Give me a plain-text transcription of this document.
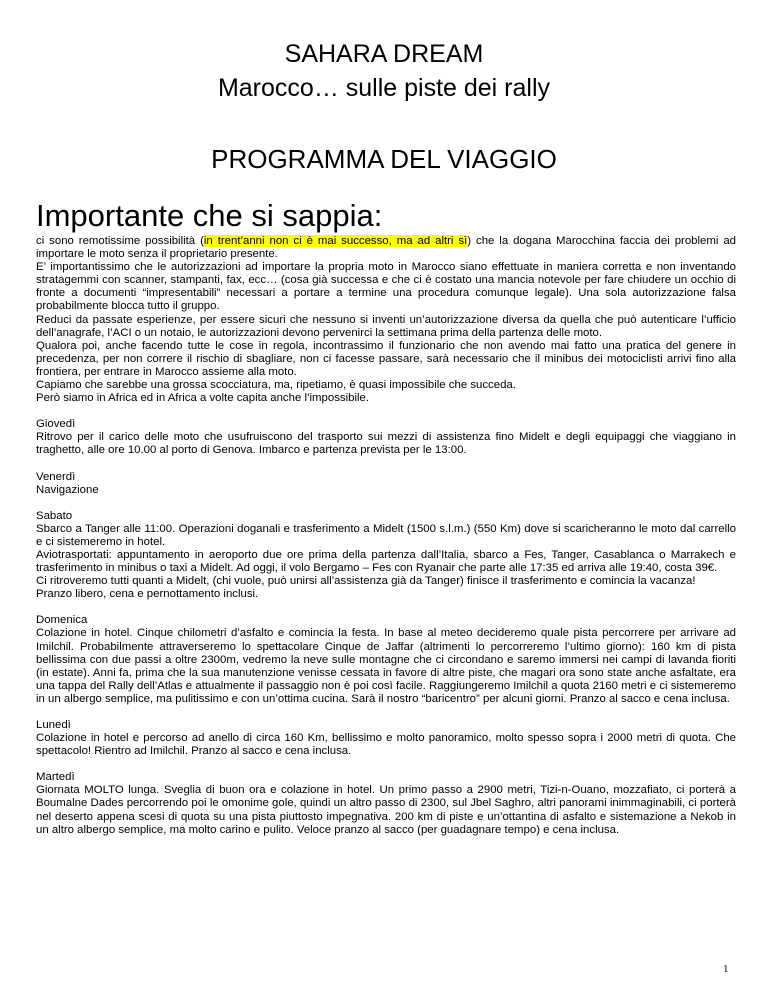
SAHARA DREAM

Marocco… sulle piste dei rally

PROGRAMMA DEL VIAGGIO

Importante che si sappia:

ci sono remotissime possibilità (in trent’anni non ci è mai successo, ma ad altri sì) che la dogana Marocchina faccia dei problemi ad importare le moto senza il proprietario presente.

E’ importantissimo che le autorizzazioni ad importare la propria moto in Marocco siano effettuate in maniera corretta e non inventando stratagemmi con scanner, stampanti, fax, ecc… (cosa già successa e che ci è costato una mancia notevole per fare chiudere un occhio di fronte a documenti “impresentabili” necessari a portare a termine una procedura comunque legale). Una sola autorizzazione falsa probabilmente blocca tutto il gruppo.

Reduci da passate esperienze, per essere sicuri che nessuno si inventi un’autorizzazione diversa da quella che può autenticare l’ufficio dell’anagrafe, l’ACI o un notaio, le autorizzazioni devono pervenirci la settimana prima della partenza delle moto.

Qualora poi, anche facendo tutte le cose in regola, incontrassimo il funzionario che non avendo mai fatto una pratica del genere in precedenza, per non correre il rischio di sbagliare, non ci facesse passare, sarà necessario che il minibus dei motociclisti arrivi fino alla frontiera, per entrare in Marocco assieme alla moto.

Capiamo che sarebbe una grossa scocciatura, ma, ripetiamo, è quasi impossibile che succeda.

Però siamo in Africa ed in Africa a volte capita anche l’impossibile.

Giovedì

Ritrovo per il carico delle moto che usufruiscono del trasporto sui mezzi di assistenza fino Midelt e degli equipaggi che viaggiano in traghetto, alle ore 10.00 al porto di Genova. Imbarco e partenza prevista per le 13:00.

Venerdì

Navigazione

Sabato

Sbarco a Tanger alle 11:00. Operazioni doganali e trasferimento a Midelt (1500 s.l.m.) (550 Km) dove si scaricheranno le moto dal carrello e ci sistemeremo in hotel.

Aviotrasportati: appuntamento in aeroporto due ore prima della partenza dall’Italia, sbarco a Fes, Tanger, Casablanca o Marrakech e trasferimento in minibus o taxi a Midelt. Ad oggi, il volo Bergamo – Fes con Ryanair che parte alle 17:35 ed arriva alle 19:40, costa 39€.

Ci ritroveremo tutti quanti a Midelt, (chi vuole, può unirsi all’assistenza già da Tanger) finisce il trasferimento e comincia la vacanza!

Pranzo libero, cena e pernottamento inclusi.

Domenica

Colazione in hotel. Cinque chilometri d’asfalto e comincia la festa. In base al meteo decideremo quale pista percorrere per arrivare ad Imilchil. Probabilmente attraverseremo lo spettacolare Cinque de Jaffar (altrimenti lo percorreremo l’ultimo giorno): 160 km di pista bellissima con due passi a oltre 2300m, vedremo la neve sulle montagne che ci circondano e saremo immersi nei campi di lavanda fioriti (in estate). Anni fa, prima che la sua manutenzione venisse cessata in favore di altre piste, che magari ora sono state anche asfaltate, era una tappa del Rally dell’Atlas e attualmente il passaggio non è poi così facile. Raggiungeremo Imilchil a quota 2160 metri e ci sistemeremo in un albergo semplice, ma pulitissimo e con un’ottima cucina. Sarà il nostro “baricentro” per alcuni giorni. Pranzo al sacco e cena inclusa.

Lunedì

Colazione in hotel e percorso ad anello di circa 160 Km, bellissimo e molto panoramico, molto spesso sopra i 2000 metri di quota. Che spettacolo! Rientro ad Imilchil. Pranzo al sacco e cena inclusa.

Martedì

Giornata MOLTO lunga. Sveglia di buon ora e colazione in hotel. Un primo passo a 2900 metri, Tizi-n-Ouano, mozzafiato, ci porterà a Boumalne Dades percorrendo poi le omonime gole, quindi un altro passo di 2300, sul Jbel Saghro, altri panorami inimmaginabili, ci porterà nel deserto appena scesi di quota su una pista piuttosto impegnativa. 200 km di piste e un’ottantina di asfalto e sistemazione a Nekob in un altro albergo semplice, ma molto carino e pulito. Veloce pranzo al sacco (per guadagnare tempo) e cena inclusa.

1
